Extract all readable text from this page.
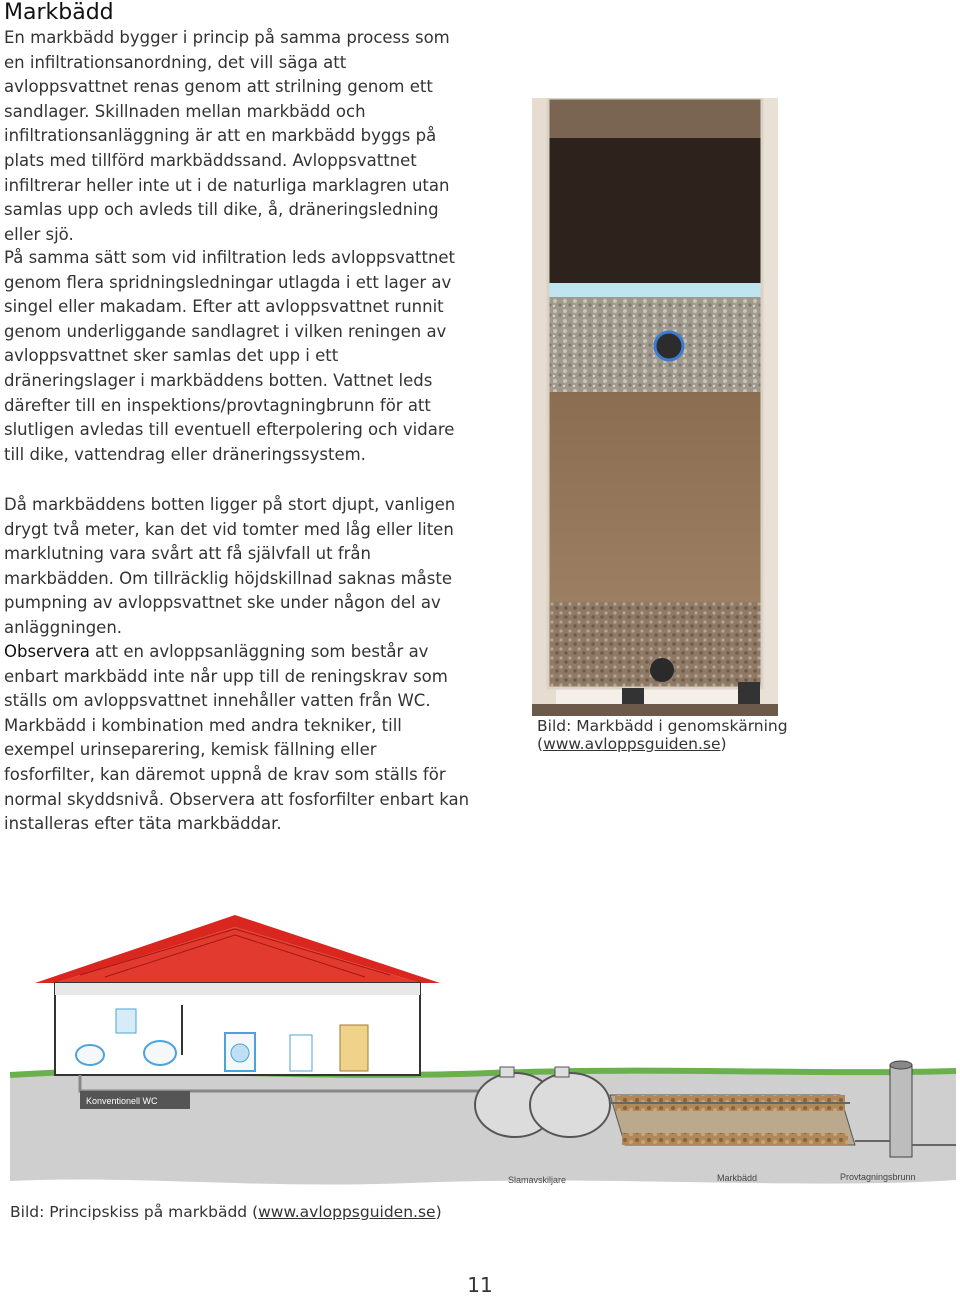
Markbädd

En markbädd bygger i princip på samma process som en infiltrationsanordning, det vill säga att avloppsvattnet renas genom att strilning genom ett sandlager. Skillnaden mellan markbädd och infiltrationsanläggning är att en markbädd byggs på plats med tillförd markbäddssand. Avloppsvattnet infiltrerar heller inte ut i de naturliga marklagren utan samlas upp och avleds till dike, å, dräneringsledning eller sjö.

På samma sätt som vid infiltration leds avloppsvattnet genom flera spridningsledningar utlagda i ett lager av singel eller makadam. Efter att avloppsvattnet runnit genom underliggande sandlagret i vilken reningen av avloppsvattnet sker samlas det upp i ett dräneringslager i markbäddens botten. Vattnet leds därefter till en inspektions/provtagningbrunn för att slutligen avledas till eventuell efterpolering och vidare till dike, vattendrag eller dräneringssystem.

Då markbäddens botten ligger på stort djupt, vanligen drygt två meter, kan det vid tomter med låg eller liten marklutning vara svårt att få självfall ut från markbädden. Om tillräcklig höjdskillnad saknas måste pumpning av avloppsvattnet ske under någon del av anläggningen.

Observera att en avloppsanläggning som består av enbart markbädd inte når upp till de reningskrav som ställs om avloppsvattnet innehåller vatten från WC. Markbädd i kombination med andra tekniker, till exempel urinseparering, kemisk fällning eller fosforfilter, kan däremot uppnå de krav som ställs för normal skyddsnivå. Observera att fosforfilter enbart kan installeras efter täta markbäddar.

Bild: Markbädd i genomskärning (www.avloppsguiden.se)
Konventionell WC
Slamavskiljare	Markbädd	Provtagningsbrunn
Bild: Principskiss på markbädd (www.avloppsguiden.se)
11
